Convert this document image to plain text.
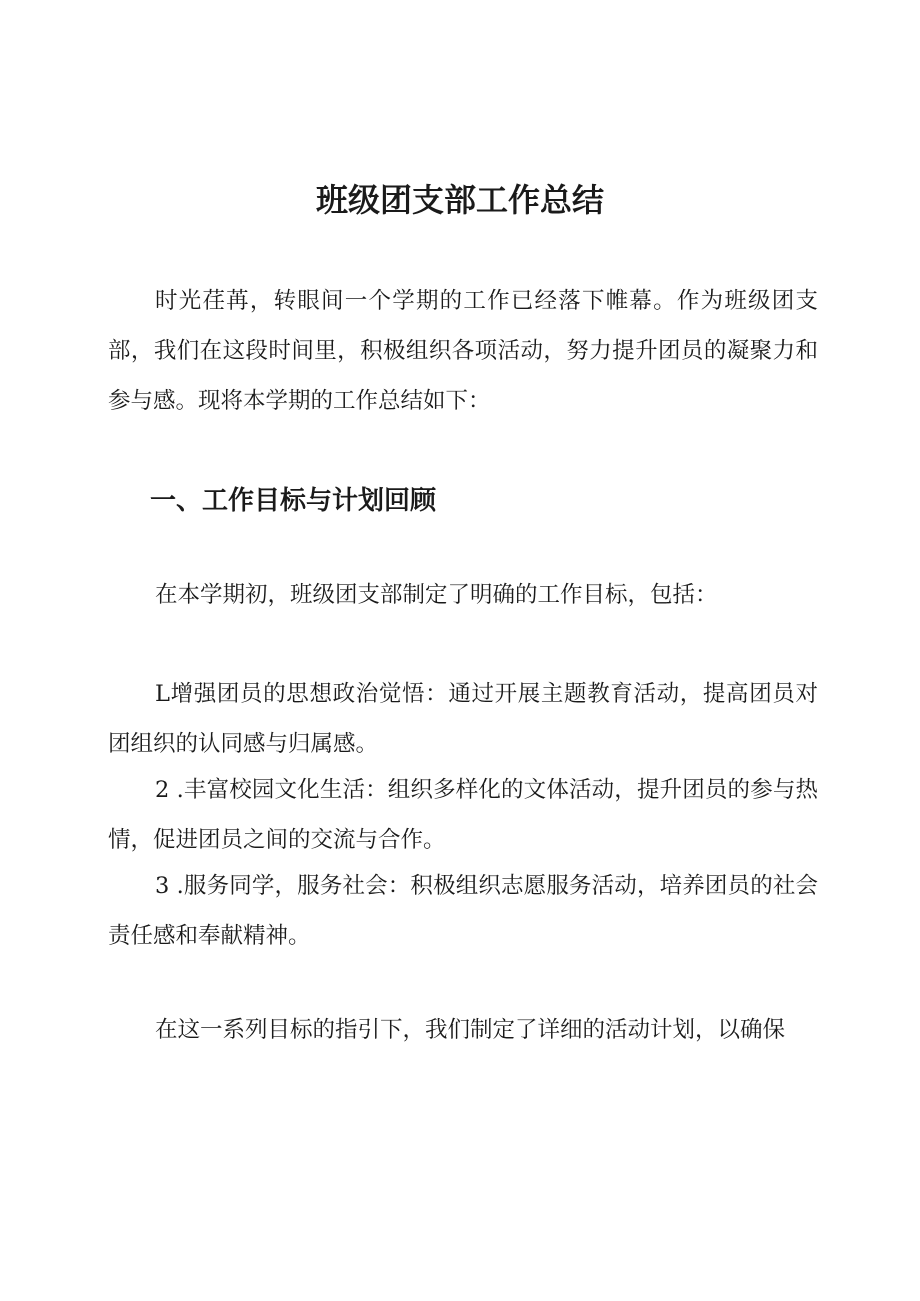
班级团支部工作总结

时光荏苒，转眼间一个学期的工作已经落下帷幕。作为班级团支部，我们在这段时间里，积极组织各项活动，努力提升团员的凝聚力和参与感。现将本学期的工作总结如下：

一、工作目标与计划回顾

在本学期初，班级团支部制定了明确的工作目标，包括：

L增强团员的思想政治觉悟：通过开展主题教育活动，提高团员对团组织的认同感与归属感。

2 .丰富校园文化生活：组织多样化的文体活动，提升团员的参与热情，促进团员之间的交流与合作。

3 .服务同学，服务社会：积极组织志愿服务活动，培养团员的社会责任感和奉献精神。

在这一系列目标的指引下，我们制定了详细的活动计划，以确保
